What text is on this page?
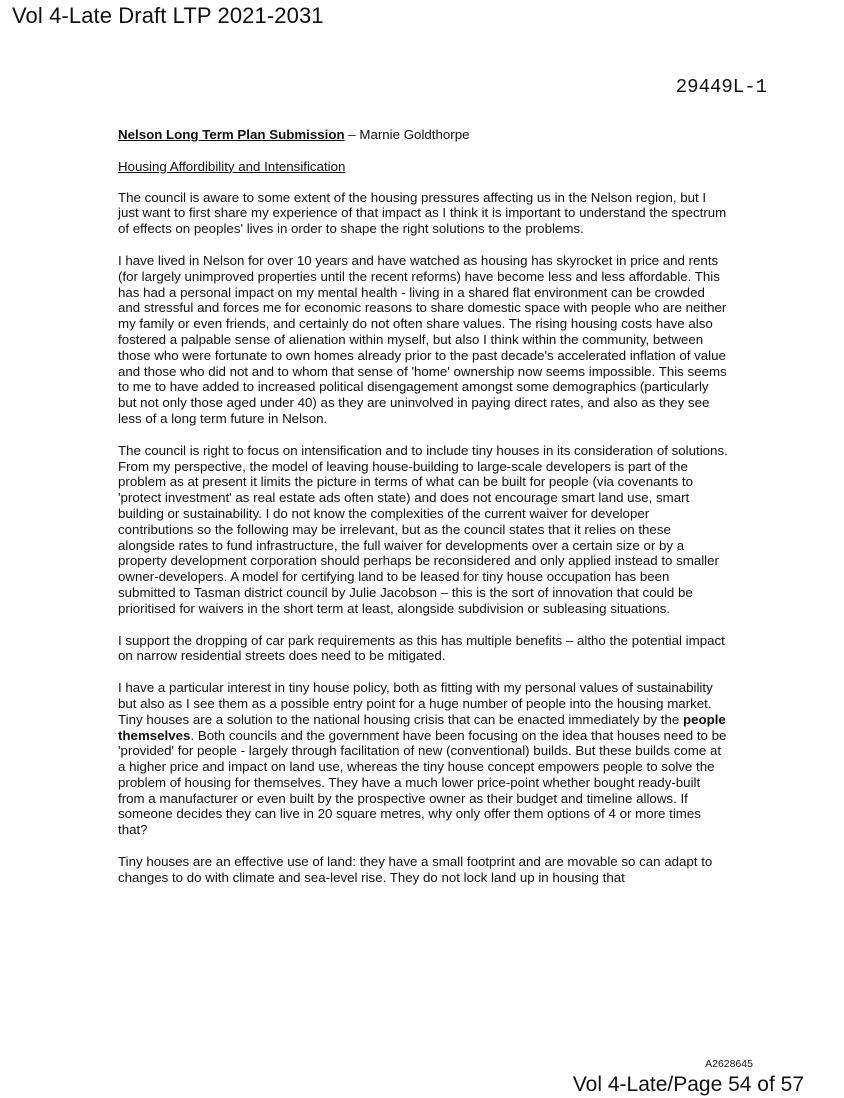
Vol 4-Late Draft LTP 2021-2031
29449L-1

Nelson Long Term Plan Submission – Marnie Goldthorpe

Housing Affordibility and Intensification

The council is aware to some extent of the housing pressures affecting us in the Nelson region, but I just want to first share my experience of that impact as I think it is important to understand the spectrum of effects on peoples' lives in order to shape the right solutions to the problems.

I have lived in Nelson for over 10 years and have watched as housing has skyrocket in price and rents (for largely unimproved properties until the recent reforms) have become less and less affordable. This has had a personal impact on my mental health - living in a shared flat environment can be crowded and stressful and forces me for economic reasons to share domestic space with people who are neither my family or even friends, and certainly do not often share values. The rising housing costs have also fostered a palpable sense of alienation within myself, but also I think within the community, between those who were fortunate to own homes already prior to the past decade's accelerated inflation of value and those who did not and to whom that sense of 'home' ownership now seems impossible. This seems to me to have added to increased political disengagement amongst some demographics (particularly but not only those aged under 40) as they are uninvolved in paying direct rates, and also as they see less of a long term future in Nelson.

The council is right to focus on intensification and to include tiny houses in its consideration of solutions. From my perspective, the model of leaving house-building to large-scale developers is part of the problem as at present it limits the picture in terms of what can be built for people (via covenants to 'protect investment' as real estate ads often state) and does not encourage smart land use, smart building or sustainability. I do not know the complexities of the current waiver for developer contributions so the following may be irrelevant, but as the council states that it relies on these alongside rates to fund infrastructure, the full waiver for developments over a certain size or by a property development corporation should perhaps be reconsidered and only applied instead to smaller owner-developers. A model for certifying land to be leased for tiny house occupation has been submitted to Tasman district council by Julie Jacobson – this is the sort of innovation that could be prioritised for waivers in the short term at least, alongside subdivision or subleasing situations.

I support the dropping of car park requirements as this has multiple benefits – altho the potential impact on narrow residential streets does need to be mitigated.

I have a particular interest in tiny house policy, both as fitting with my personal values of sustainability but also as I see them as a possible entry point for a huge number of people into the housing market. Tiny houses are a solution to the national housing crisis that can be enacted immediately by the people themselves. Both councils and the government have been focusing on the idea that houses need to be 'provided' for people - largely through facilitation of new (conventional) builds. But these builds come at a higher price and impact on land use, whereas the tiny house concept empowers people to solve the problem of housing for themselves. They have a much lower price-point whether bought ready-built from a manufacturer or even built by the prospective owner as their budget and timeline allows. If someone decides they can live in 20 square metres, why only offer them options of 4 or more times that?

Tiny houses are an effective use of land: they have a small footprint and are movable so can adapt to changes to do with climate and sea-level rise. They do not lock land up in housing that

A2628645
Vol 4-Late/Page 54 of 57
